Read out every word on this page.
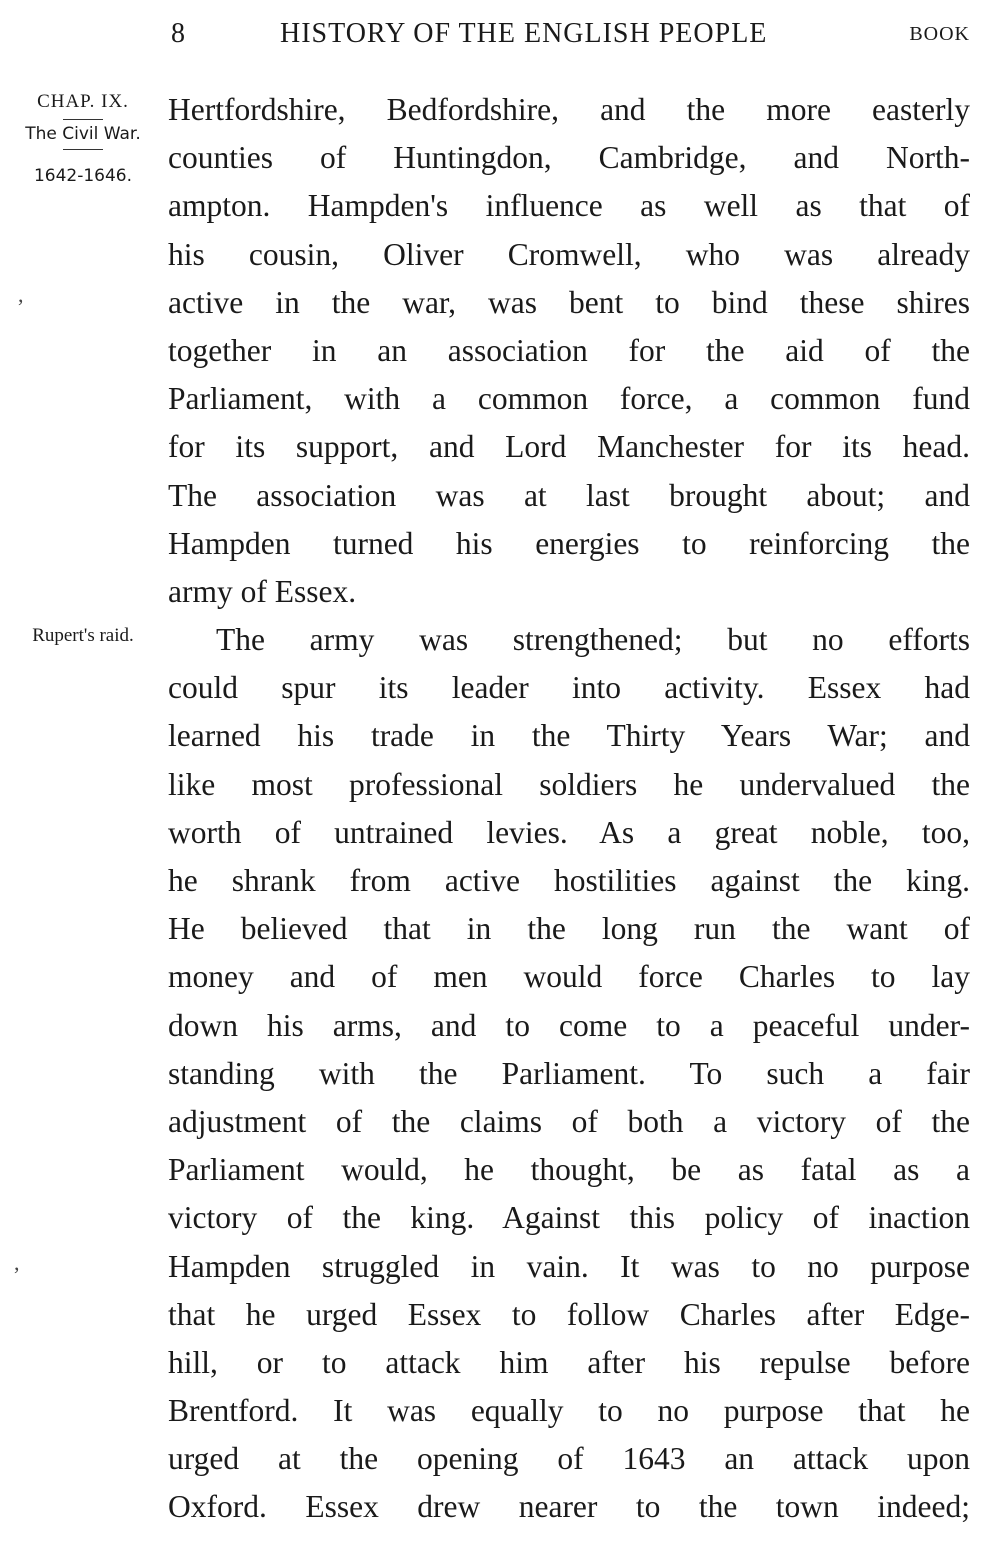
8	HISTORY OF THE ENGLISH PEOPLE	BOOK
CHAP. IX.
The Civil War.
1642-1646.
Rupert's raid.
,
,
Hertfordshire, Bedfordshire, and the more easterly
counties of Huntingdon, Cambridge, and North-
ampton. Hampden's influence as well as that of
his cousin, Oliver Cromwell, who was already
active in the war, was bent to bind these shires
together in an association for the aid of the
Parliament, with a common force, a common fund
for its support, and Lord Manchester for its head.
The association was at last brought about; and
Hampden turned his energies to reinforcing the
army of Essex.
The army was strengthened; but no efforts
could spur its leader into activity. Essex had
learned his trade in the Thirty Years War; and
like most professional soldiers he undervalued the
worth of untrained levies. As a great noble, too,
he shrank from active hostilities against the king.
He believed that in the long run the want of
money and of men would force Charles to lay
down his arms, and to come to a peaceful under-
standing with the Parliament. To such a fair
adjustment of the claims of both a victory of the
Parliament would, he thought, be as fatal as a
victory of the king. Against this policy of inaction
Hampden struggled in vain. It was to no purpose
that he urged Essex to follow Charles after Edge-
hill, or to attack him after his repulse before
Brentford. It was equally to no purpose that he
urged at the opening of 1643 an attack upon
Oxford. Essex drew nearer to the town indeed;
